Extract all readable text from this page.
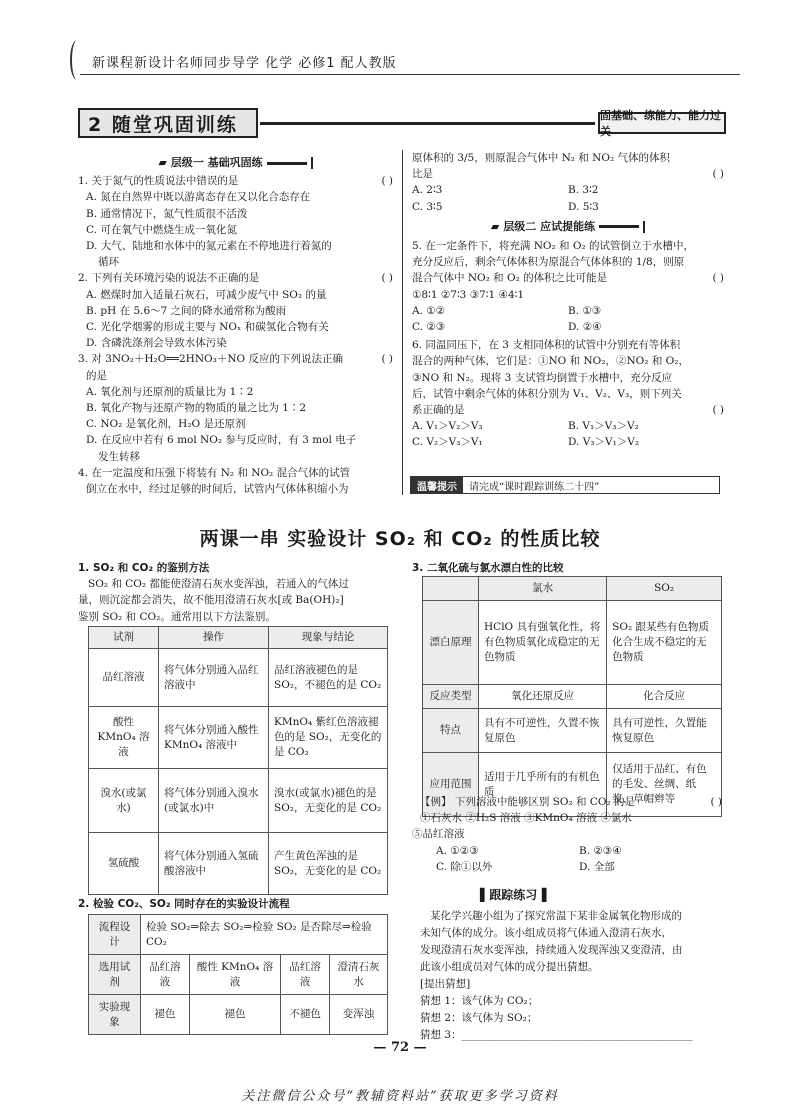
新课程新设计名师同步导学 化学 必修1 配人教版
2 随堂巩固训练	固基础、练能力、能力过关
▰ 层级一 基础巩固练
1. 关于氮气的性质说法中错误的是	( )
A. 氮在自然界中既以游离态存在又以化合态存在
B. 通常情况下，氮气性质很不活泼
C. 可在氧气中燃烧生成一氧化氮
D. 大气、陆地和水体中的氮元素在不停地进行着氮的
循环
2. 下列有关环境污染的说法不正确的是	( )
A. 燃煤时加入适量石灰石，可减少废气中 SO₂ 的量
B. pH 在 5.6～7 之间的降水通常称为酸雨
C. 光化学烟雾的形成主要与 NOₓ 和碳氢化合物有关
D. 含磷洗涤剂会导致水体污染
3. 对 3NO₂＋H₂O══2HNO₃＋NO 反应的下列说法正确	( )
的是
A. 氧化剂与还原剂的质量比为 1∶2
B. 氧化产物与还原产物的物质的量之比为 1∶2
C. NO₂ 是氧化剂，H₂O 是还原剂
D. 在反应中若有 6 mol NO₂ 参与反应时，有 3 mol 电子
发生转移
4. 在一定温度和压强下将装有 N₂ 和 NO₂ 混合气体的试管
倒立在水中，经过足够的时间后，试管内气体体积缩小为
原体积的 3/5，则原混合气体中 N₂ 和 NO₂ 气体的体积
比是	( )
A. 2∶3	B. 3∶2
C. 3∶5	D. 5∶3
▰ 层级二 应试提能练
5. 在一定条件下，将充满 NO₂ 和 O₂ 的试管倒立于水槽中，
充分反应后，剩余气体体积为原混合气体体积的 1/8，则原
混合气体中 NO₂ 和 O₂ 的体积之比可能是	( )
①8∶1 ②7∶3 ③7∶1 ④4∶1
A. ①②	B. ①③
C. ②③	D. ②④
6. 同温同压下，在 3 支相同体积的试管中分别充有等体积
混合的两种气体，它们是：①NO 和 NO₂，②NO₂ 和 O₂，
③NO 和 N₂。现将 3 支试管均倒置于水槽中，充分反应
后，试管中剩余气体的体积分别为 V₁、V₂、V₃，则下列关
系正确的是	( )
A. V₁＞V₂＞V₃	B. V₁＞V₃＞V₂
C. V₂＞V₃＞V₁	D. V₃＞V₁＞V₂
温馨提示	请完成“课时跟踪训练二十四”
两课一串 实验设计 SO₂ 和 CO₂ 的性质比较
1. SO₂ 和 CO₂ 的鉴别方法
SO₂ 和 CO₂ 都能使澄清石灰水变浑浊，若通入的气体过
量，则沉淀都会消失，故不能用澄清石灰水[或 Ba(OH)₂]
鉴别 SO₂ 和 CO₂。通常用以下方法鉴别。
试剂	操作	现象与结论
品红溶液	将气体分别通入品红溶液中	品红溶液褪色的是 SO₂，不褪色的是 CO₂
酸性 KMnO₄ 溶液	将气体分别通入酸性 KMnO₄ 溶液中	KMnO₄ 紫红色溶液褪色的是 SO₂，无变化的是 CO₂
溴水(或氯水)	将气体分别通入溴水(或氯水)中	溴水(或氯水)褪色的是 SO₂，无变化的是 CO₂
氢硫酸	将气体分别通入氢硫酸溶液中	产生黄色浑浊的是 SO₂，无变化的是 CO₂
2. 检验 CO₂、SO₂ 同时存在的实验设计流程
流程设计	检验 SO₂⇒除去 SO₂⇒检验 SO₂ 是否除尽⇒检验 CO₂			
选用试剂	品红溶液	酸性 KMnO₄ 溶液	品红溶液	澄清石灰水
实验现象	褪色	褪色	不褪色	变浑浊
3. 二氧化硫与氯水漂白性的比较
	氯水	SO₂
漂白原理	HClO 具有强氧化性，将有色物质氧化成稳定的无色物质	SO₂ 跟某些有色物质化合生成不稳定的无色物质
反应类型	氧化还原反应	化合反应
特点	具有不可逆性，久置不恢复原色	具有可逆性，久置能恢复原色
应用范围	适用于几乎所有的有机色质	仅适用于品红、有色的毛发、丝绸、纸浆、草帽辫等
【例】 下列溶液中能够区别 SO₂ 和 CO₂ 的是	( )
①石灰水 ②H₂S 溶液 ③KMnO₄ 溶液 ④氯水
⑤品红溶液
A. ①②③	B. ②③④
C. 除①以外	D. 全部
▌跟踪练习▐
某化学兴趣小组为了探究常温下某非金属氧化物形成的
未知气体的成分。该小组成员将气体通入澄清石灰水，
发现澄清石灰水变浑浊，持续通入发现浑浊又变澄清，由
此该小组成员对气体的成分提出猜想。
[提出猜想]
猜想 1：该气体为 CO₂；
猜想 2：该气体为 SO₂；
猜想 3：____________________________________________
— 72 —
关注微信公众号“教辅资料站”获取更多学习资料
